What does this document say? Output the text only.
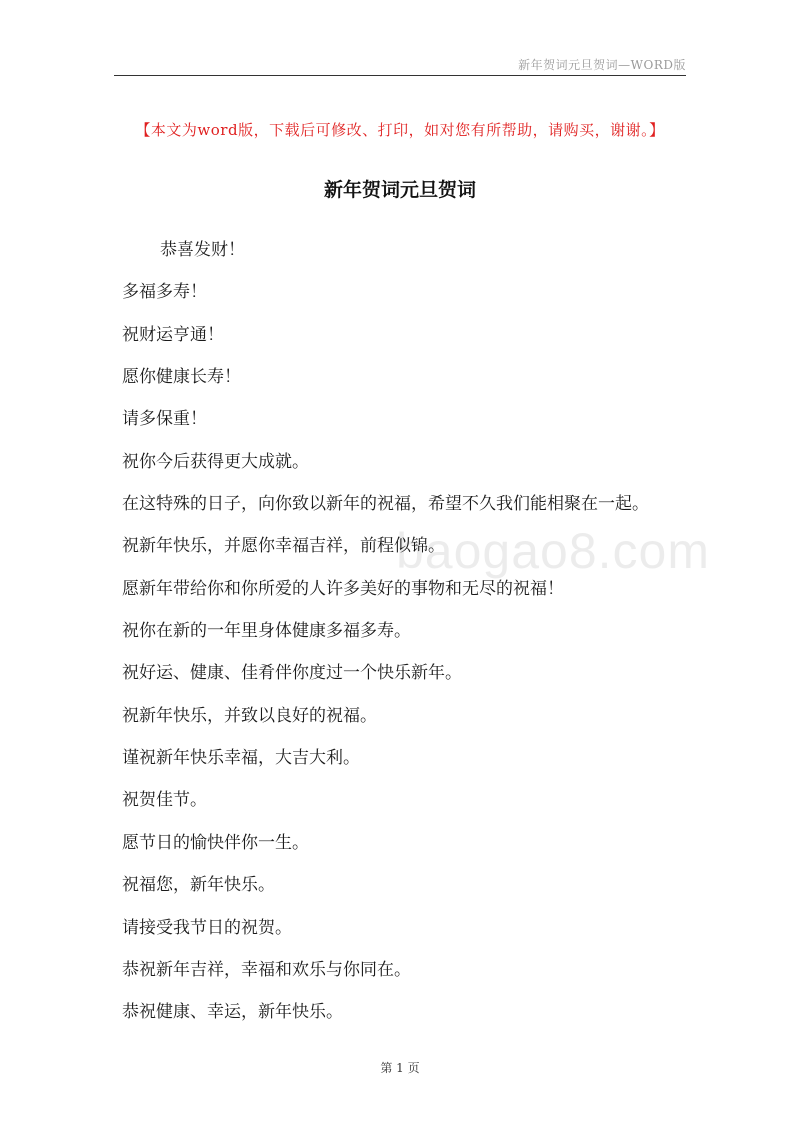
新年贺词元旦贺词—WORD版
【本文为word版，下载后可修改、打印，如对您有所帮助，请购买，谢谢。】
新年贺词元旦贺词
baogao8.com
恭喜发财！
多福多寿！
祝财运亨通！
愿你健康长寿！
请多保重！
祝你今后获得更大成就。
在这特殊的日子，向你致以新年的祝福，希望不久我们能相聚在一起。
祝新年快乐，并愿你幸福吉祥，前程似锦。
愿新年带给你和你所爱的人许多美好的事物和无尽的祝福！
祝你在新的一年里身体健康多福多寿。
祝好运、健康、佳肴伴你度过一个快乐新年。
祝新年快乐，并致以良好的祝福。
谨祝新年快乐幸福，大吉大利。
祝贺佳节。
愿节日的愉快伴你一生。
祝福您，新年快乐。
请接受我节日的祝贺。
恭祝新年吉祥，幸福和欢乐与你同在。
恭祝健康、幸运，新年快乐。
第 1 页
